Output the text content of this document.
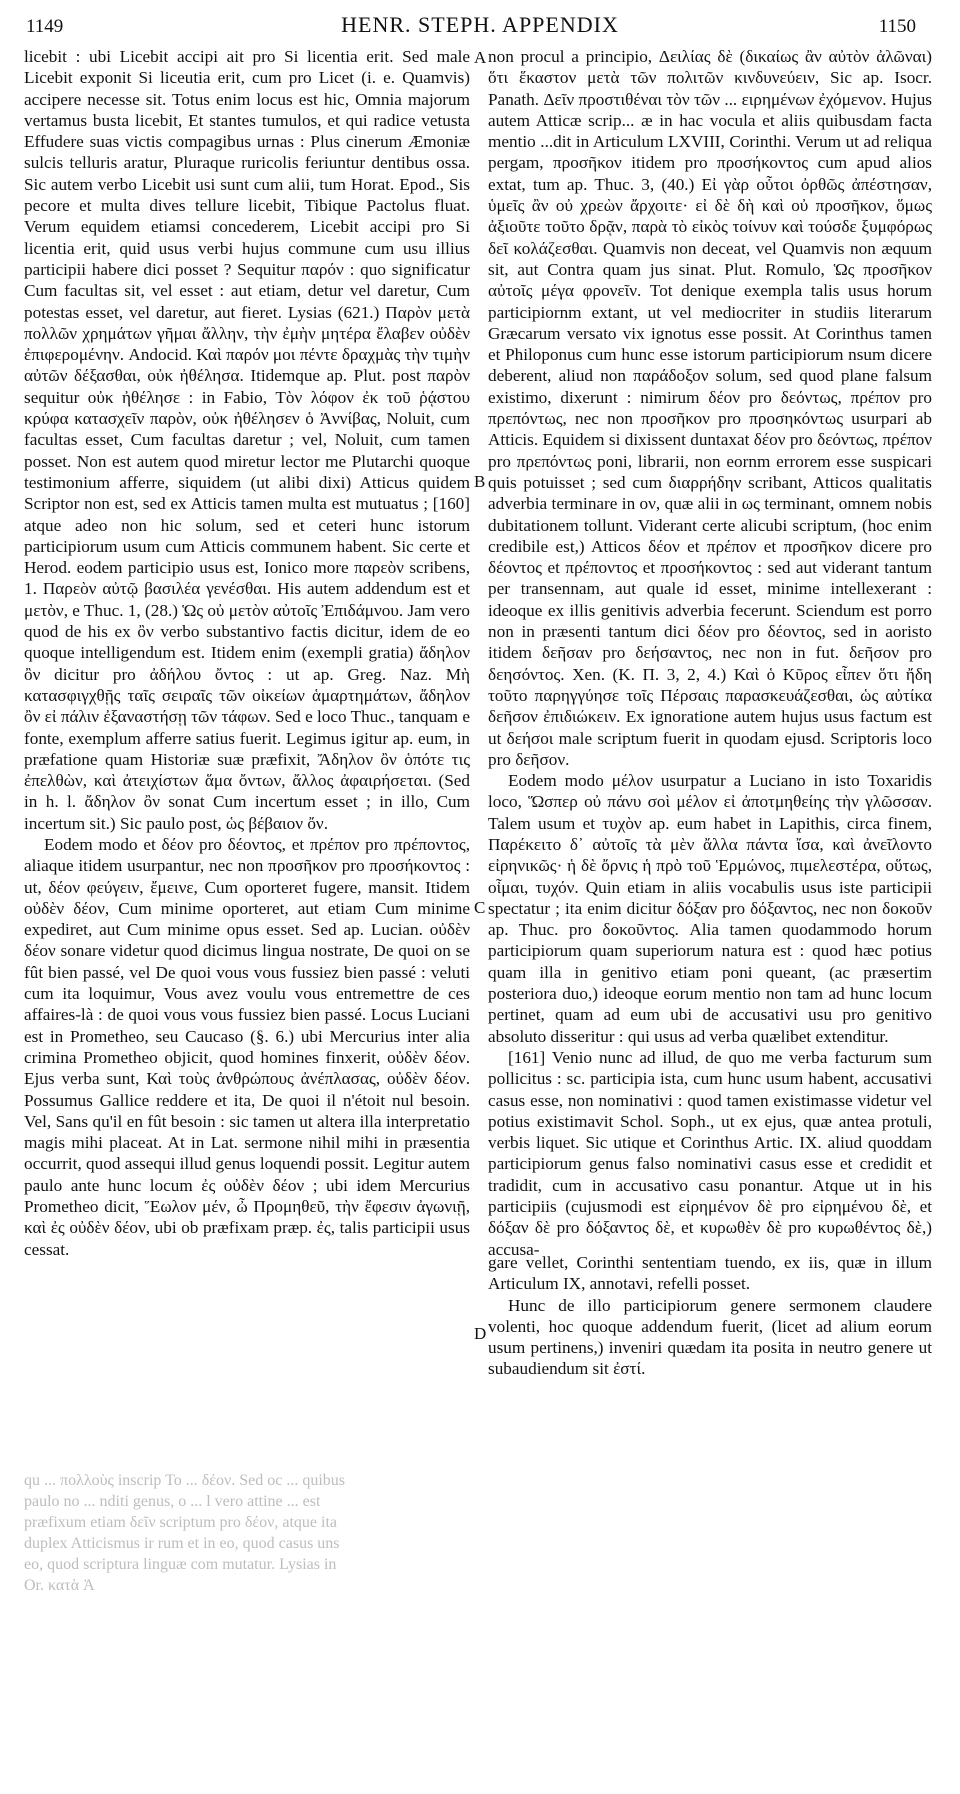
1149	HENR. STEPH. APPENDIX	1150

licebit : ubi Licebit accipi ait pro Si licentia erit. Sed male Licebit exponit Si liceutia erit, cum pro Licet (i. e. Quamvis) accipere necesse sit. Totus enim locus est hic, Omnia majorum vertamus busta licebit, Et stantes tumulos, et qui radice vetusta Effudere suas victis compagibus urnas : Plus cinerum Æmoniæ sulcis telluris aratur, Pluraque ruricolis feriuntur dentibus ossa. Sic autem verbo Licebit usi sunt cum alii, tum Horat. Epod., Sis pecore et multa dives tellure licebit, Tibique Pactolus fluat. Verum equidem etiamsi concederem, Licebit accipi pro Si licentia erit, quid usus verbi hujus commune cum usu illius participii habere dici posset ? Sequitur παρόν : quo significatur Cum facultas sit, vel esset : aut etiam, detur vel daretur, Cum potestas esset, vel daretur, aut fieret. Lysias (621.) Παρὸν μετὰ πολλῶν χρημάτων γῆμαι ἄλλην, τὴν ἐμὴν μητέρα ἔλαβεν οὐδὲν ἐπιφερομένην. Andocid. Καὶ παρόν μοι πέντε δραχμὰς τὴν τιμὴν αὐτῶν δέξασθαι, οὐκ ἠθέλησα. Itidemque ap. Plut. post παρὸν sequitur οὐκ ἠθέλησε : in Fabio, Τὸν λόφον ἐκ τοῦ ῥᾴστου κρύφα κατασχεῖν παρὸν, οὐκ ἠθέλησεν ὁ Ἀννίβας, Noluit, cum facultas esset, Cum facultas daretur ; vel, Noluit, cum tamen posset. Non est autem quod miretur lector me Plutarchi quoque testimonium afferre, siquidem (ut alibi dixi) Atticus quidem Scriptor non est, sed ex Atticis tamen multa est mutuatus ; [160] atque adeo non hic solum, sed et ceteri hunc istorum participiorum usum cum Atticis communem habent. Sic certe et Herod. eodem participio usus est, Ionico more παρεὸν scribens, 1. Παρεὸν αὐτῷ βασιλέα γενέσθαι. His autem addendum est et μετὸν, e Thuc. 1, (28.) Ὡς οὐ μετὸν αὐτοῖς Ἐπιδάμνου. Jam vero quod de his ex ὂν verbo substantivo factis dicitur, idem de eo quoque intelligendum est. Itidem enim (exempli gratia) ἄδηλον ὂν dicitur pro ἀδήλου ὄντος : ut ap. Greg. Naz. Μὴ κατασφιγχθῇς ταῖς σειραῖς τῶν οἰκείων ἁμαρτημάτων, ἄδηλον ὂν εἰ πάλιν ἐξαναστήσῃ τῶν τάφων. Sed e loco Thuc., tanquam e fonte, exemplum afferre satius fuerit. Legimus igitur ap. eum, in præfatione quam Historiæ suæ præfixit, Ἄδηλον ὂν ὁπότε τις ἐπελθὼν, καὶ ἀτειχίστων ἅμα ὄντων, ἄλλος ἀφαιρήσεται. (Sed in h. l. ἄδηλον ὂν sonat Cum incertum esset ; in illo, Cum incertum sit.) Sic paulo post, ὡς βέβαιον ὄν.

Eodem modo et δέον pro δέοντος, et πρέπον pro πρέποντος, aliaque itidem usurpantur, nec non προσῆκον pro προσήκοντος : ut, δέον φεύγειν, ἔμεινε, Cum oporteret fugere, mansit. Itidem οὐδὲν δέον, Cum minime oporteret, aut etiam Cum minime expediret, aut Cum minime opus esset. Sed ap. Lucian. οὐδὲν δέον sonare videtur quod dicimus lingua nostrate, De quoi on se fût bien passé, vel De quoi vous vous fussiez bien passé : veluti cum ita loquimur, Vous avez voulu vous entremettre de ces affaires-là : de quoi vous vous fussiez bien passé. Locus Luciani est in Prometheo, seu Caucaso (§. 6.) ubi Mercurius inter alia crimina Prometheo objicit, quod homines finxerit, οὐδὲν δέον. Ejus verba sunt, Καὶ τοὺς ἀνθρώπους ἀνέπλασας, οὐδὲν δέον. Possumus Gallice reddere et ita, De quoi il n'étoit nul besoin. Vel, Sans qu'il en fût besoin : sic tamen ut altera illa interpretatio magis mihi placeat. At in Lat. sermone nihil mihi in præsentia occurrit, quod assequi illud genus loquendi possit. Legitur autem paulo ante hunc locum ἐς οὐδὲν δέον ; ubi idem Mercurius Prometheo dicit, Ἕωλον μέν, ὦ Προμηθεῦ, τὴν ἔφεσιν ἀγωνιῇ, καὶ ἐς οὐδὲν δέον, ubi ob præfixam præp. ἐς, talis participii usus cessat.

qu ... πολλοὺς inscrip To ... δέον. Sed oc ... quibus paulo no ... nditi genus, o ... l vero attine ... est præfixum etiam δεῖν scriptum pro δέον, atque ita duplex Atticismus ir rum et in eo, quod casus uns eo, quod scriptura linguæ com mutatur. Lysias in Or. κατὰ Ἀ

non procul a principio, Δειλίας δὲ (δικαίως ἂν αὐτὸν ἀλῶναι) ὅτι ἕκαστον μετὰ τῶν πολιτῶν κινδυνεύειν, Sic ap. Isocr. Panath. Δεῖν προστιθέναι τὸν τῶν ... ειρημένων ἐχόμενον. Hujus autem Atticæ scrip... æ in hac vocula et aliis quibusdam facta mentio ...dit in Articulum LXVIII, Corinthi. Verum ut ad reliqua pergam, προσῆκον itidem pro προσήκοντος cum apud alios extat, tum ap. Thuc. 3, (40.) Εἰ γὰρ οὗτοι ὀρθῶς ἀπέστησαν, ὑμεῖς ἂν οὐ χρεὼν ἄρχοιτε· εἰ δὲ δὴ καὶ οὐ προσῆκον, ὅμως ἀξιοῦτε τοῦτο δρᾷν, παρὰ τὸ εἰκὸς τοίνυν καὶ τούσδε ξυμφόρως δεῖ κολάζεσθαι. Quamvis non deceat, vel Quamvis non æquum sit, aut Contra quam jus sinat. Plut. Romulo, Ὡς προσῆκον αὐτοῖς μέγα φρονεῖν. Tot denique exempla talis usus horum participiornm extant, ut vel mediocriter in studiis literarum Græcarum versato vix ignotus esse possit. At Corinthus tamen et Philoponus cum hunc esse istorum participiorum nsum dicere deberent, aliud non παράδοξον solum, sed quod plane falsum existimo, dixerunt : nimirum δέον pro δεόντως, πρέπον pro πρεπόντως, nec non προσῆκον pro προσηκόντως usurpari ab Atticis. Equidem si dixissent duntaxat δέον pro δεόντως, πρέπον pro πρεπόντως poni, librarii, non eornm errorem esse suspicari quis potuisset ; sed cum διαρρήδην scribant, Atticos qualitatis adverbia terminare in ον, quæ alii in ως terminant, omnem nobis dubitationem tollunt. Viderant certe alicubi scriptum, (hoc enim credibile est,) Atticos δέον et πρέπον et προσῆκον dicere pro δέοντος et πρέποντος et προσήκοντος : sed aut viderant tantum per transennam, aut quale id esset, minime intellexerant : ideoque ex illis genitivis adverbia fecerunt. Sciendum est porro non in præsenti tantum dici δέον pro δέοντος, sed in aoristo itidem δεῆσαν pro δεήσαντος, nec non in fut. δεῆσον pro δεησόντος. Xen. (Κ. Π. 3, 2, 4.) Καὶ ὁ Κῦρος εἶπεν ὅτι ἤδη τοῦτο παρηγγύησε τοῖς Πέρσαις παρασκευάζεσθαι, ὡς αὐτίκα δεῆσον ἐπιδιώκειν. Ex ignoratione autem hujus usus factum est ut δεήσοι male scriptum fuerit in quodam ejusd. Scriptoris loco pro δεῆσον.

Eodem modo μέλον usurpatur a Luciano in isto Toxaridis loco, Ὥσπερ οὐ πάνυ σοὶ μέλον εἰ ἀποτμηθείης τὴν γλῶσσαν. Talem usum et τυχὸν ap. eum habet in Lapithis, circa finem, Παρέκειτο δ᾽ αὐτοῖς τὰ μὲν ἄλλα πάντα ἴσα, καὶ ἀνεῖλοντο εἰρηνικῶς· ἡ δὲ ὄρνις ἡ πρὸ τοῦ Ἑρμώνος, πιμελεστέρα, οὕτως, οἶμαι, τυχόν. Quin etiam in aliis vocabulis usus iste participii spectatur ; ita enim dicitur δόξαν pro δόξαντος, nec non δοκοῦν ap. Thuc. pro δοκοῦντος. Alia tamen quodammodo horum participiorum quam superiorum natura est : quod hæc potius quam illa in genitivo etiam poni queant, (ac præsertim posteriora duo,) ideoque eorum mentio non tam ad hunc locum pertinet, quam ad eum ubi de accusativi usu pro genitivo absoluto disseritur : qui usus ad verba quælibet extenditur.

[161] Venio nunc ad illud, de quo me verba facturum sum pollicitus : sc. participia ista, cum hunc usum habent, accusativi casus esse, non nominativi : quod tamen existimasse videtur vel potius existimavit Schol. Soph., ut ex ejus, quæ antea protuli, verbis liquet. Sic utique et Corinthus Artic. IX. aliud quoddam participiorum genus falso nominativi casus esse et credidit et tradidit, cum in accusativo casu ponantur. Atque ut in his participiis (cujusmodi est εἰρημένον δὲ pro εἰρημένου δὲ, et δόξαν δὲ pro δόξαντος δὲ, et κυρωθὲν δὲ pro κυρωθέντος δὲ,) accusa-

gare vellet, Corinthi sententiam tuendo, ex iis, quæ in illum Articulum IX, annotavi, refelli posset.

Hunc de illo participiorum genere sermonem claudere volenti, hoc quoque addendum fuerit, (licet ad alium eorum usum pertinens,) inveniri quædam ita posita in neutro genere ut subaudiendum sit ἐστί.

A
B
C
D
